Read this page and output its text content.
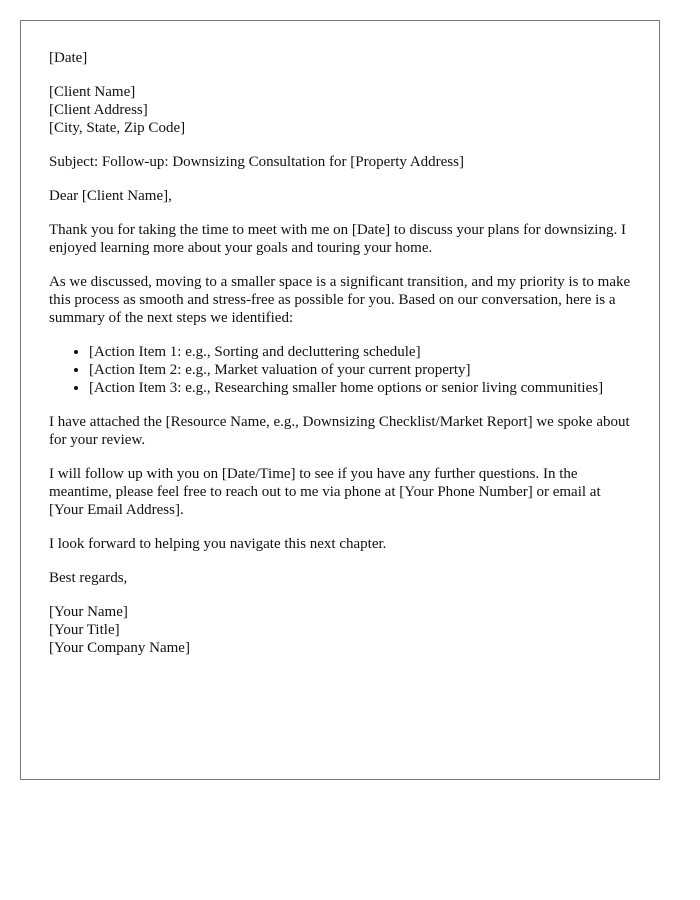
[Date]

[Client Name]
[Client Address]
[City, State, Zip Code]

Subject: Follow-up: Downsizing Consultation for [Property Address]

Dear [Client Name],

Thank you for taking the time to meet with me on [Date] to discuss your plans for downsizing. I enjoyed learning more about your goals and touring your home.

As we discussed, moving to a smaller space is a significant transition, and my priority is to make this process as smooth and stress-free as possible for you. Based on our conversation, here is a summary of the next steps we identified:

• [Action Item 1: e.g., Sorting and decluttering schedule]
• [Action Item 2: e.g., Market valuation of your current property]
• [Action Item 3: e.g., Researching smaller home options or senior living communities]

I have attached the [Resource Name, e.g., Downsizing Checklist/Market Report] we spoke about for your review.

I will follow up with you on [Date/Time] to see if you have any further questions. In the meantime, please feel free to reach out to me via phone at [Your Phone Number] or email at [Your Email Address].

I look forward to helping you navigate this next chapter.

Best regards,

[Your Name]
[Your Title]
[Your Company Name]
